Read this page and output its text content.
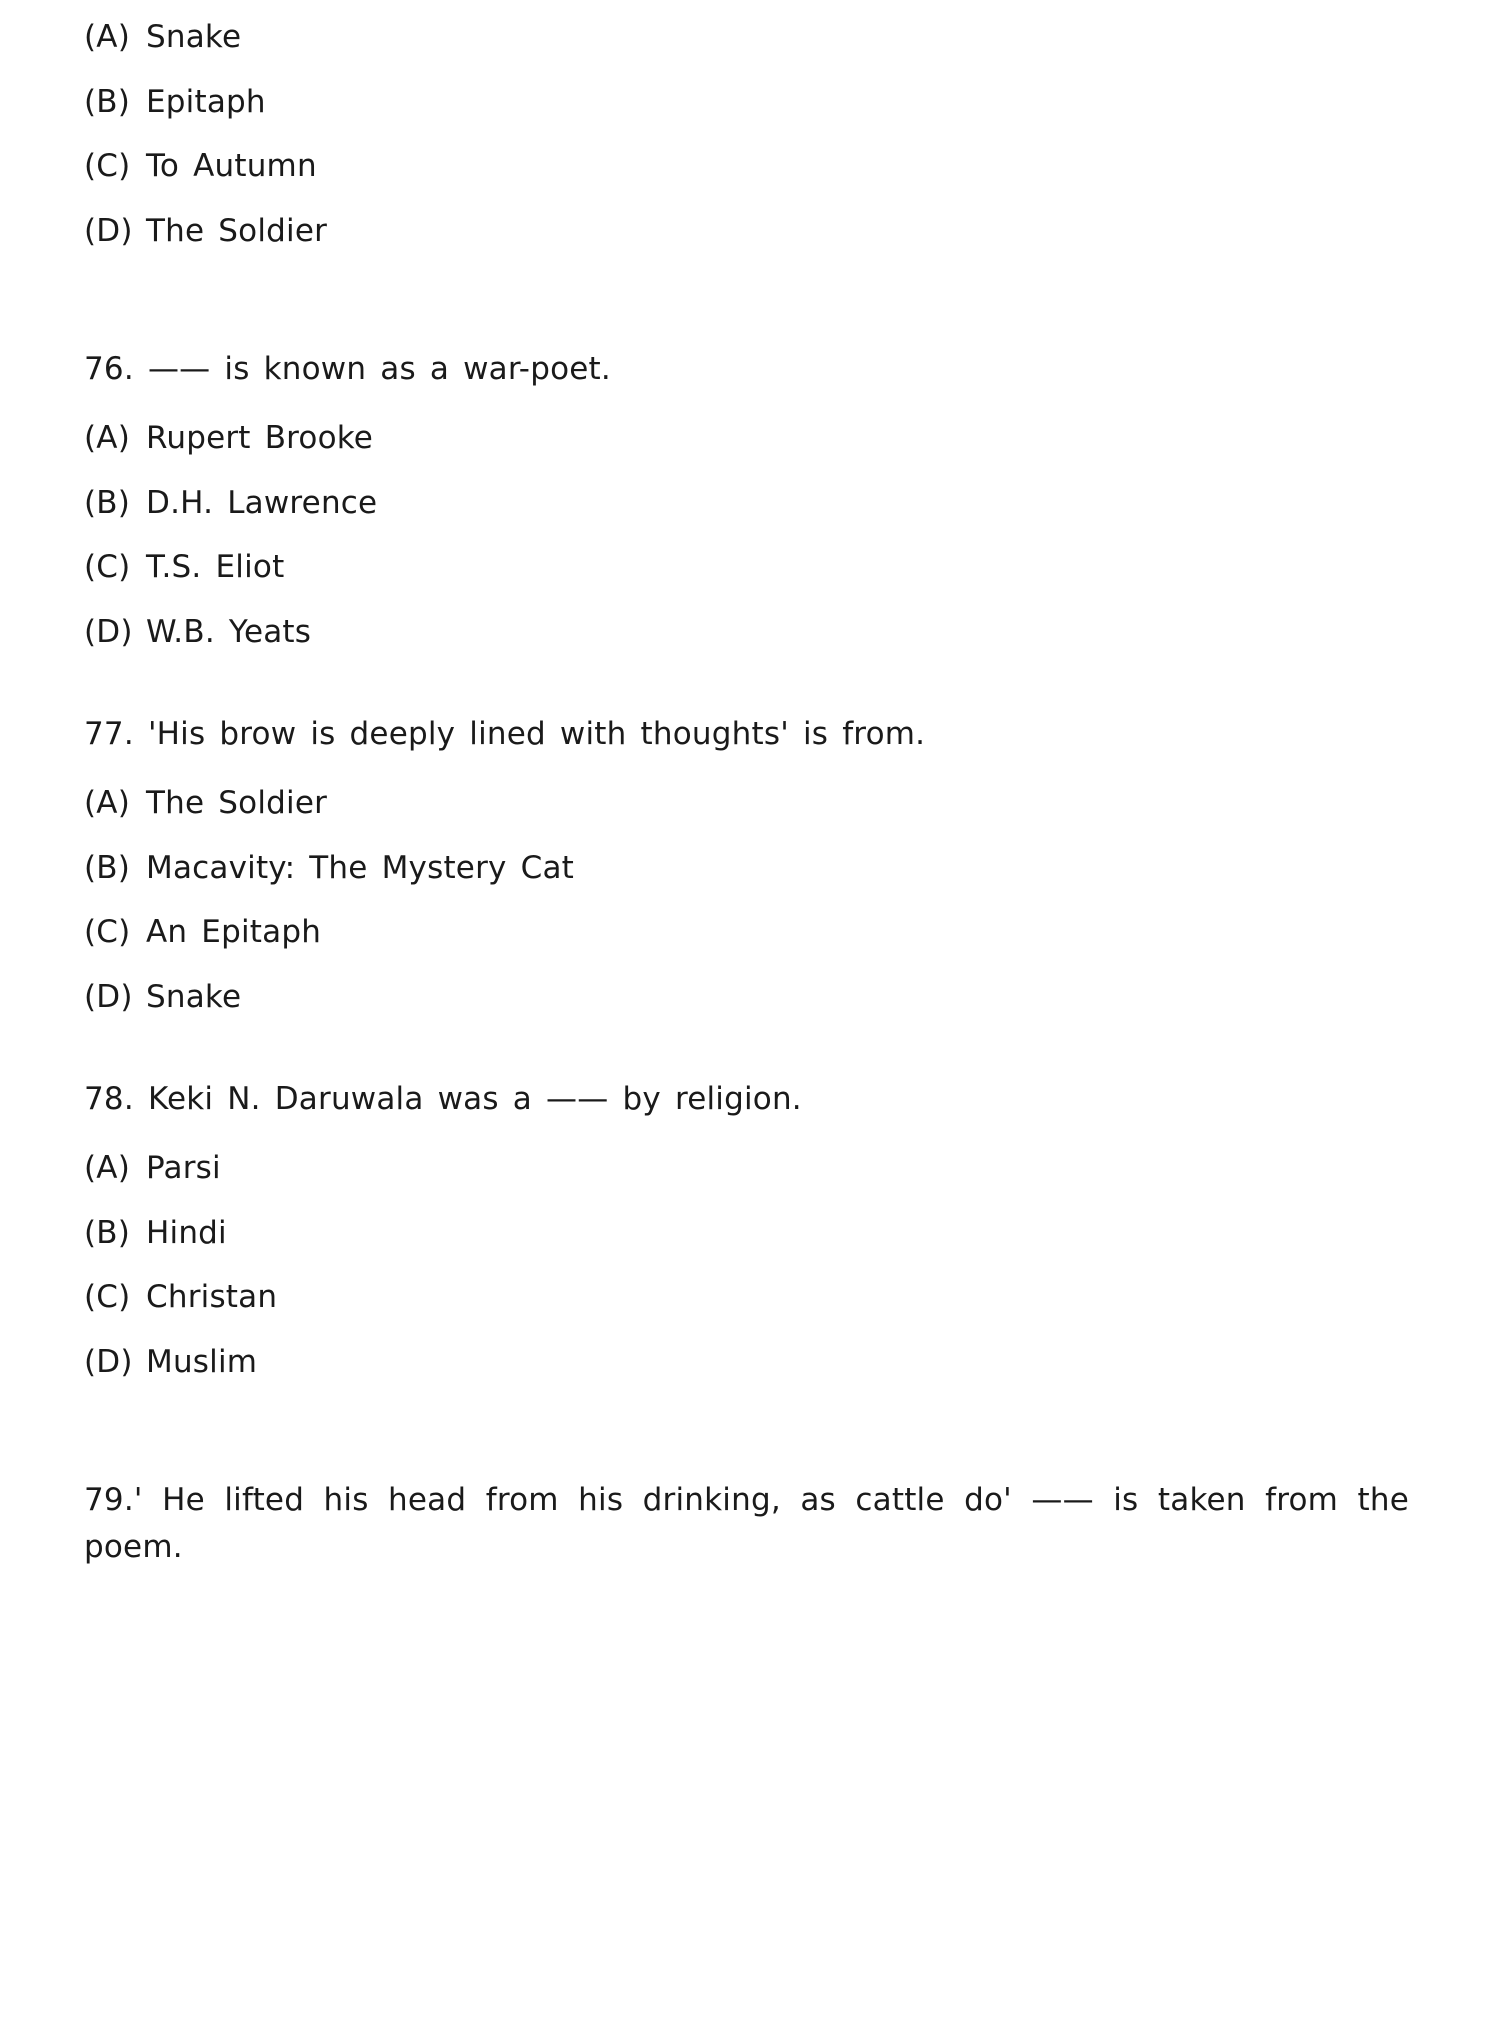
(A) Snake

(B) Epitaph

(C) To Autumn

(D) The Soldier

76. —— is known as a war-poet.

(A) Rupert Brooke

(B) D.H. Lawrence

(C) T.S. Eliot

(D) W.B. Yeats

77. 'His brow is deeply lined with thoughts' is from.

(A) The Soldier

(B) Macavity: The Mystery Cat

(C) An Epitaph

(D) Snake

78. Keki N. Daruwala was a —— by religion.

(A) Parsi

(B) Hindi

(C) Christan

(D) Muslim

79.' He lifted his head from his drinking, as cattle do' —— is taken from the poem.
